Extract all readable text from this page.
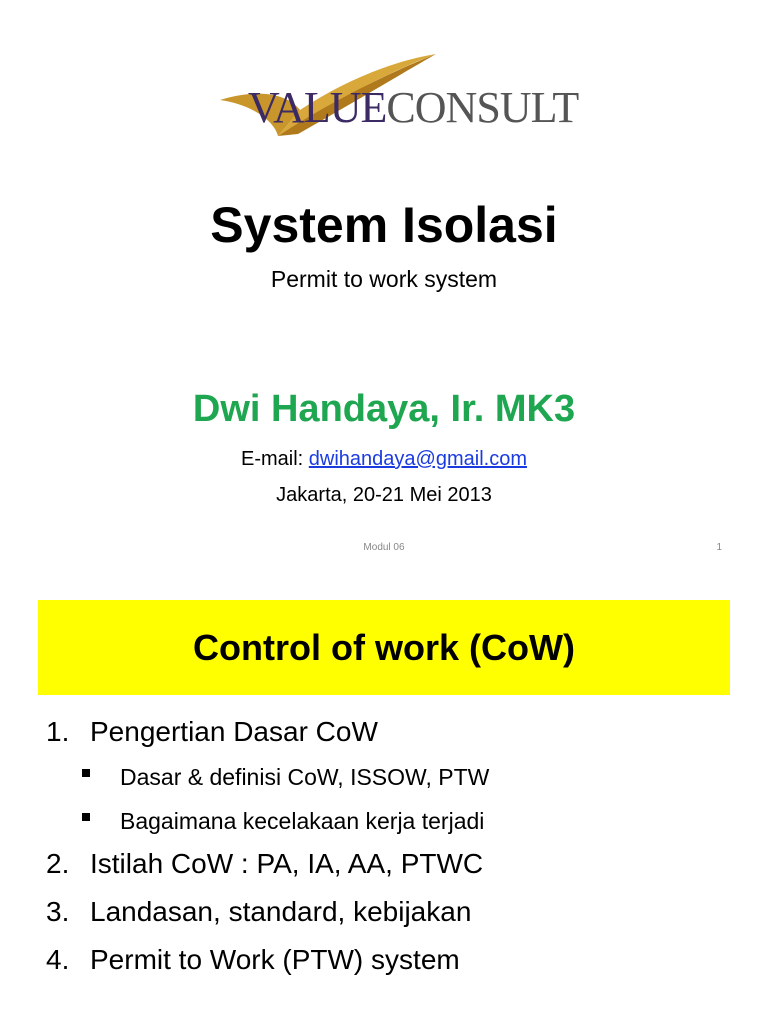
VALUECONSULT
System Isolasi
Permit to work system
Dwi Handaya, Ir. MK3
E-mail: dwihandaya@gmail.com
Jakarta, 20-21 Mei 2013
Modul 06	1
Control of work (CoW)
1. Pengertian Dasar CoW
Dasar & definisi CoW, ISSOW, PTW
Bagaimana kecelakaan kerja terjadi
2. Istilah CoW : PA, IA, AA, PTWC
3. Landasan, standard, kebijakan
4. Permit to Work (PTW) system
